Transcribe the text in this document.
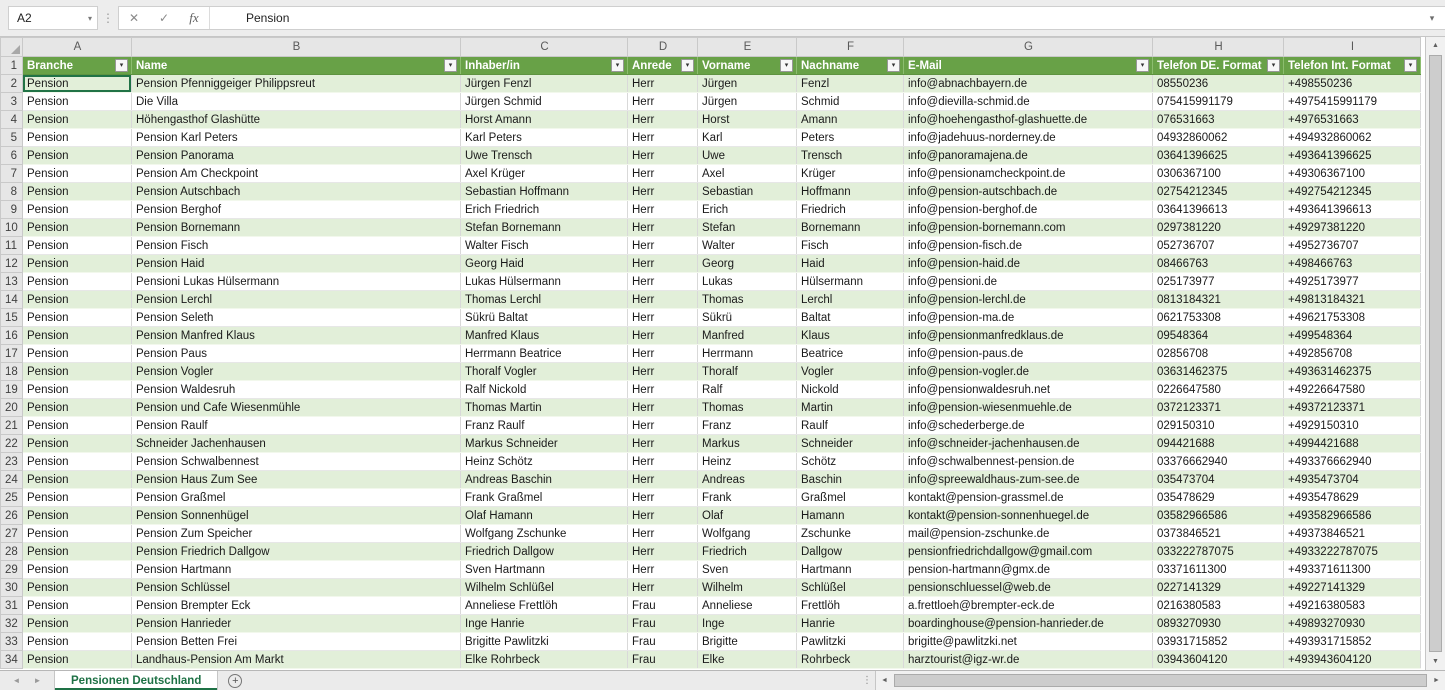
A2	▾ ⋮	✕	✓	fx	Pension	▾
	A	B	C	D	E	F	G	H	I
1	Branche ▾	Name ▾	Inhaber/in ▾	Anrede ▾	Vorname ▾	Nachname ▾	E-Mail ▾	Telefon DE. Format ▾	Telefon Int. Format ▾

2	Pension	Pension Pfenniggeiger Philippsreut	Jürgen Fenzl	Herr	Jürgen	Fenzl	info@abnachbayern.de	08550236	+498550236
3	Pension	Die Villa	Jürgen Schmid	Herr	Jürgen	Schmid	info@dievilla-schmid.de	075415991179	+4975415991179
4	Pension	Höhengasthof Glashütte	Horst Amann	Herr	Horst	Amann	info@hoehengasthof-glashuette.de	076531663	+4976531663
5	Pension	Pension Karl Peters	Karl Peters	Herr	Karl	Peters	info@jadehuus-norderney.de	04932860062	+494932860062
6	Pension	Pension Panorama	Uwe Trensch	Herr	Uwe	Trensch	info@panoramajena.de	03641396625	+493641396625
7	Pension	Pension Am Checkpoint	Axel Krüger	Herr	Axel	Krüger	info@pensionamcheckpoint.de	0306367100	+49306367100
8	Pension	Pension Autschbach	Sebastian Hoffmann	Herr	Sebastian	Hoffmann	info@pension-autschbach.de	02754212345	+492754212345
9	Pension	Pension Berghof	Erich Friedrich	Herr	Erich	Friedrich	info@pension-berghof.de	03641396613	+493641396613
10	Pension	Pension Bornemann	Stefan Bornemann	Herr	Stefan	Bornemann	info@pension-bornemann.com	0297381220	+49297381220
11	Pension	Pension Fisch	Walter Fisch	Herr	Walter	Fisch	info@pension-fisch.de	052736707	+4952736707
12	Pension	Pension Haid	Georg Haid	Herr	Georg	Haid	info@pension-haid.de	08466763	+498466763
13	Pension	Pensioni Lukas Hülsermann	Lukas Hülsermann	Herr	Lukas	Hülsermann	info@pensioni.de	025173977	+4925173977
14	Pension	Pension Lerchl	Thomas Lerchl	Herr	Thomas	Lerchl	info@pension-lerchl.de	0813184321	+49813184321
15	Pension	Pension Seleth	Sükrü Baltat	Herr	Sükrü	Baltat	info@pension-ma.de	0621753308	+49621753308
16	Pension	Pension Manfred Klaus	Manfred Klaus	Herr	Manfred	Klaus	info@pensionmanfredklaus.de	09548364	+499548364
17	Pension	Pension Paus	Herrmann Beatrice	Herr	Herrmann	Beatrice	info@pension-paus.de	02856708	+492856708
18	Pension	Pension Vogler	Thoralf Vogler	Herr	Thoralf	Vogler	info@pension-vogler.de	03631462375	+493631462375
19	Pension	Pension Waldesruh	Ralf Nickold	Herr	Ralf	Nickold	info@pensionwaldesruh.net	0226647580	+49226647580
20	Pension	Pension und Cafe Wiesenmühle	Thomas Martin	Herr	Thomas	Martin	info@pension-wiesenmuehle.de	0372123371	+49372123371
21	Pension	Pension Raulf	Franz Raulf	Herr	Franz	Raulf	info@schederberge.de	029150310	+4929150310
22	Pension	Schneider Jachenhausen	Markus Schneider	Herr	Markus	Schneider	info@schneider-jachenhausen.de	094421688	+4994421688
23	Pension	Pension Schwalbennest	Heinz Schötz	Herr	Heinz	Schötz	info@schwalbennest-pension.de	03376662940	+493376662940
24	Pension	Pension Haus Zum See	Andreas Baschin	Herr	Andreas	Baschin	info@spreewaldhaus-zum-see.de	035473704	+4935473704
25	Pension	Pension Graßmel	Frank Graßmel	Herr	Frank	Graßmel	kontakt@pension-grassmel.de	035478629	+4935478629
26	Pension	Pension Sonnenhügel	Olaf Hamann	Herr	Olaf	Hamann	kontakt@pension-sonnenhuegel.de	03582966586	+493582966586
27	Pension	Pension Zum Speicher	Wolfgang Zschunke	Herr	Wolfgang	Zschunke	mail@pension-zschunke.de	0373846521	+49373846521
28	Pension	Pension Friedrich Dallgow	Friedrich Dallgow	Herr	Friedrich	Dallgow	pensionfriedrichdallgow@gmail.com	033222787075	+4933222787075
29	Pension	Pension Hartmann	Sven Hartmann	Herr	Sven	Hartmann	pension-hartmann@gmx.de	03371611300	+493371611300
30	Pension	Pension Schlüssel	Wilhelm Schlüßel	Herr	Wilhelm	Schlüßel	pensionschluessel@web.de	0227141329	+49227141329
31	Pension	Pension Brempter Eck	Anneliese Frettlöh	Frau	Anneliese	Frettlöh	a.frettloeh@brempter-eck.de	0216380583	+49216380583
32	Pension	Pension Hanrieder	Inge Hanrie	Frau	Inge	Hanrie	boardinghouse@pension-hanrieder.de	0893270930	+49893270930
33	Pension	Pension Betten Frei	Brigitte Pawlitzki	Frau	Brigitte	Pawlitzki	brigitte@pawlitzki.net	03931715852	+493931715852
34	Pension	Landhaus-Pension Am Markt	Elke Rohrbeck	Frau	Elke	Rohrbeck	harztourist@igz-wr.de	03943604120	+493943604120
▲
▼
◄ ►	Pensionen Deutschland	+	⋮	◄	►
